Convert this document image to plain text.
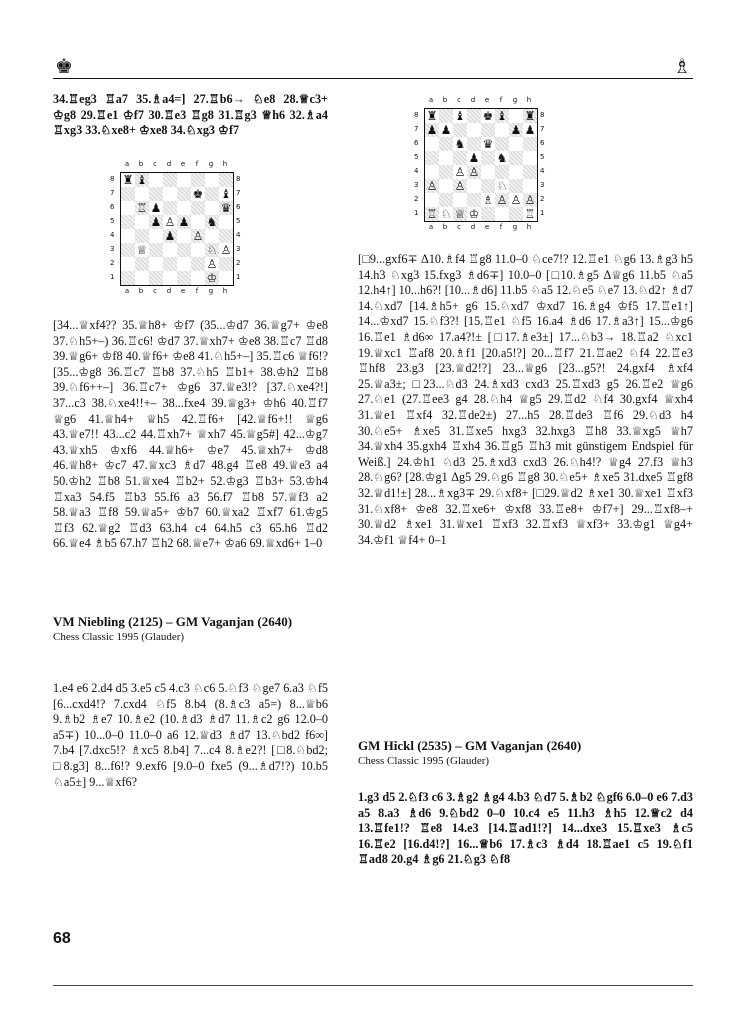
♚	♗

34.♖eg3 ♖a7 35.♗a4=] 27.♖b6→ ♘e8 28.♕c3+ ♔g8 29.♖e1 ♔f7 30.♖e3 ♖g8 31.♖g3 ♕h6 32.♗a4 ♖xg3 33.♘xe8+ ♔xe8 34.♘xg3 ♔f7

a b c d e f g h
8
7
6
5
4
3
2
1
♜ ♝
♚ ♝
♖ ♟	♛
♟ ♙ ♟ ♞
♟ ♙
♕	♘ ♙
♙
♔
8
7
6
5
4
3
2
1
a b c d e f g h

[34...♕xf4?? 35.♕h8+ ♔f7 (35...♔d7 36.♕g7+ ♔e8 37.♘h5+–) 36.♖c6! ♔d7 37.♕xh7+ ♔e8 38.♖c7 ♖d8 39.♕g6+ ♔f8 40.♕f6+ ♔e8 41.♘h5+–] 35.♖c6 ♕f6!? [35...♔g8 36.♖c7 ♖b8 37.♘h5 ♖b1+ 38.♔h2 ♖b8 39.♘f6++–] 36.♖c7+ ♔g6 37.♕e3!? [37.♘xe4?!] 37...c3 38.♘xe4!!+– 38...fxe4 39.♕g3+ ♔h6 40.♖f7 ♕g6 41.♕h4+ ♕h5 42.♖f6+ [42.♕f6+!! ♕g6 43.♕e7!! 43...c2 44.♖xh7+ ♕xh7 45.♕g5#] 42...♔g7 43.♕xh5 ♔xf6 44.♕h6+ ♔e7 45.♕xh7+ ♔d8 46.♕h8+ ♔c7 47.♕xc3 ♗d7 48.g4 ♖e8 49.♕e3 a4 50.♔h2 ♖b8 51.♕xe4 ♖b2+ 52.♔g3 ♖b3+ 53.♔h4 ♖xa3 54.f5 ♖b3 55.f6 a3 56.f7 ♖b8 57.♕f3 a2 58.♕a3 ♖f8 59.♕a5+ ♔b7 60.♕xa2 ♖xf7 61.♔g5 ♖f3 62.♕g2 ♖d3 63.h4 c4 64.h5 c3 65.h6 ♖d2 66.♕e4 ♗b5 67.h7 ♖h2 68.♕e7+ ♔a6 69.♕xd6+ 1–0

VM Niebling (2125) – GM Vaganjan (2640)
Chess Classic 1995 (Glauder)

1.e4 e6 2.d4 d5 3.e5 c5 4.c3 ♘c6 5.♘f3 ♘ge7 6.a3 ♘f5 [6...cxd4!? 7.cxd4 ♘f5 8.b4 (8.♗c3 a5=) 8...♕b6 9.♗b2 ♗e7 10.♗e2 (10.♗d3 ♗d7 11.♗c2 g6 12.0–0 a5∓) 10...0–0 11.0–0 a6 12.♕d3 ♗d7 13.♘bd2 f6∞] 7.b4 [7.dxc5!? ♗xc5 8.b4] 7...c4 8.♗e2?! [□8.♘bd2; □8.g3] 8...f6!? 9.exf6 [9.0–0 fxe5 (9...♗d7!?) 10.b5 ♘a5±] 9...♕xf6?

a b c d e f g h
8
7
6
5
4
3
2
1
♜ ♝ ♚ ♝ ♜
♟ ♟	♟ ♟
♞ ♛
♟ ♞
♙ ♙
♙ ♙	♘
♗ ♙ ♙ ♙
♖ ♘ ♕ ♔	♖
8
7
6
5
4
3
2
1
a b c d e f g h

[□9...gxf6∓ Δ10.♗f4 ♖g8 11.0–0 ♘ce7!? 12.♖e1 ♘g6 13.♗g3 h5 14.h3 ♘xg3 15.fxg3 ♗d6∓] 10.0–0 [□10.♗g5 Δ♕g6 11.b5 ♘a5 12.h4↑] 10...h6?! [10...♗d6] 11.b5 ♘a5 12.♘e5 ♘e7 13.♘d2↑ ♗d7 14.♘xd7 [14.♗h5+ g6 15.♘xd7 ♔xd7 16.♗g4 ♔f5 17.♖e1↑] 14...♔xd7 15.♘f3?! [15.♖e1 ♘f5 16.a4 ♗d6 17.♗a3↑] 15...♔g6 16.♖e1 ♗d6∞ 17.a4?!± [□17.♗e3±] 17...♘b3→ 18.♖a2 ♘xc1 19.♕xc1 ♖af8 20.♗f1 [20.a5!?] 20...♖f7 21.♖ae2 ♘f4 22.♖e3 ♖hf8 23.g3 [23.♕d2!?] 23...♕g6 [23...g5?! 24.gxf4 ♗xf4 25.♕a3±; □23...♘d3 24.♗xd3 cxd3 25.♖xd3 g5 26.♖e2 ♕g6 27.♘e1 (27.♖ee3 g4 28.♘h4 ♕g5 29.♖d2 ♘f4 30.gxf4 ♕xh4 31.♕e1 ♖xf4 32.♖de2±) 27...h5 28.♖de3 ♖f6 29.♘d3 h4 30.♘e5+ ♗xe5 31.♖xe5 hxg3 32.hxg3 ♖h8 33.♕xg5 ♕h7 34.♕xh4 35.gxh4 ♖xh4 36.♖g5 ♖h3 mit günstigem Endspiel für Weiß.] 24.♔h1 ♘d3 25.♗xd3 cxd3 26.♘h4!? ♕g4 27.f3 ♕h3 28.♘g6? [28.♔g1 Δg5 29.♘g6 ♖g8 30.♘e5+ ♗xe5 31.dxe5 ♖gf8 32.♕d1!±] 28...♗xg3∓ 29.♘xf8+ [□29.♕d2 ♗xe1 30.♕xe1 ♖xf3 31.♘xf8+ ♔e8 32.♖xe6+ ♔xf8 33.♖e8+ ♔f7+] 29...♖xf8–+ 30.♕d2 ♗xe1 31.♕xe1 ♖xf3 32.♖xf3 ♕xf3+ 33.♔g1 ♕g4+ 34.♔f1 ♕f4+ 0–1

GM Hickl (2535) – GM Vaganjan (2640)
Chess Classic 1995 (Glauder)

1.g3 d5 2.♘f3 c6 3.♗g2 ♗g4 4.b3 ♘d7 5.♗b2 ♘gf6 6.0–0 e6 7.d3 a5 8.a3 ♗d6 9.♘bd2 0–0 10.c4 e5 11.h3 ♗h5 12.♕c2 d4 13.♖fe1!? ♖e8 14.e3 [14.♖ad1!?] 14...dxe3 15.♖xe3 ♗c5 16.♖e2 [16.d4!?] 16...♕b6 17.♗c3 ♗d4 18.♖ae1 c5 19.♘f1 ♖ad8 20.g4 ♗g6 21.♘g3 ♘f8

68
